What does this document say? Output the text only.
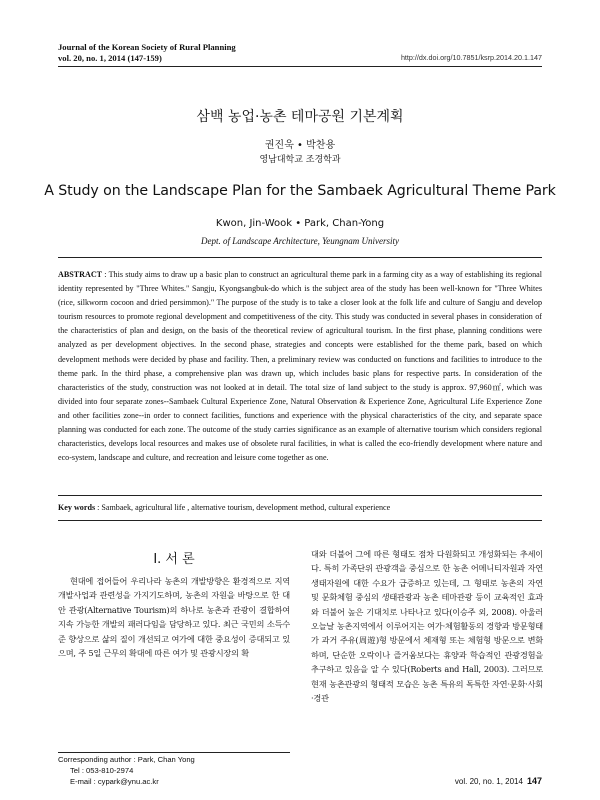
Journal of the Korean Society of Rural Planning
vol. 20, no. 1, 2014 (147-159)	http://dx.doi.org/10.7851/ksrp.2014.20.1.147
삼백 농업·농촌 테마공원 기본계획
권진욱 • 박찬용
영남대학교 조경학과
A Study on the Landscape Plan for the Sambaek Agricultural Theme Park
Kwon, Jin-Wook • Park, Chan-Yong
Dept. of Landscape Architecture, Yeungnam University
ABSTRACT : This study aims to draw up a basic plan to construct an agricultural theme park in a farming city as a way of establishing its regional identity represented by "Three Whites." Sangju, Kyongsangbuk-do which is the subject area of the study has been well-known for "Three Whites (rice, silkworm cocoon and dried persimmon)." The purpose of the study is to take a closer look at the folk life and culture of Sangju and develop tourism resources to promote regional development and competitiveness of the city. This study was conducted in several phases in consideration of the characteristics of plan and design, on the basis of the theoretical review of agricultural tourism. In the first phase, planning conditions were analyzed as per development objectives. In the second phase, strategies and concepts were established for the theme park, based on which development methods were decided by phase and facility. Then, a preliminary review was conducted on functions and facilities to introduce to the theme park. In the third phase, a comprehensive plan was drawn up, which includes basic plans for respective parts. In consideration of the characteristics of the study, construction was not looked at in detail. The total size of land subject to the study is approx. 97,960㎡, which was divided into four separate zones--Sambaek Cultural Experience Zone, Natural Observation & Experience Zone, Agricultural Life Experience Zone and other facilities zone--in order to connect facilities, functions and experience with the physical characteristics of the city, and separate space planning was conducted for each zone. The outcome of the study carries significance as an example of alternative tourism which considers regional characteristics, develops local resources and makes use of obsolete rural facilities, in what is called the eco-friendly development where nature and eco-system, landscape and culture, and recreation and leisure come together as one.
Key words : Sambaek, agricultural life , alternative tourism, development method, cultural experience
Ⅰ. 서 론

현대에 접어들어 우리나라 농촌의 개발방향은 환경적으로 지역개발사업과 관련성을 가지기도하며, 농촌의 자원을 바탕으로 한 대안 관광(Alternative Tourism)의 하나로 농촌과 관광이 결합하여 지속 가능한 개발의 패러다임을 담당하고 있다. 최근 국민의 소득수준 향상으로 삶의 질이 개선되고 여가에 대한 중요성이 증대되고 있으며, 주 5일 근무의 확대에 따른 여가 및 관광시장의 확

대와 더불어 그에 따른 형태도 점차 다원화되고 개성화되는 추세이다. 특히 가족단위 관광객을 중심으로 한 농촌 어메니티자원과 자연생태자원에 대한 수요가 급증하고 있는데, 그 형태로 농촌의 자연 및 문화체험 중심의 생태관광과 농촌 테마관광 등이 교육적인 효과와 더불어 높은 기대치로 나타나고 있다(이승주 외, 2008). 아울러 오늘날 농촌지역에서 이루어지는 여가·체험활동의 경향과 방문형태가 과거 주유(周遊)형 방문에서 체재형 또는 체험형 방문으로 변화하며, 단순한 오락이나 즐거움보다는 휴양과 학습적인 관광경험을 추구하고 있음을 알 수 있다(Roberts and Hall, 2003). 그러므로 현재 농촌관광의 형태적 모습은 농촌 특유의 독특한 자연·문화·사회·경관

Corresponding author : Park, Chan Yong
Tel : 053-810-2974
E-mail : cypark@ynu.ac.kr	vol. 20, no. 1, 2014 147
